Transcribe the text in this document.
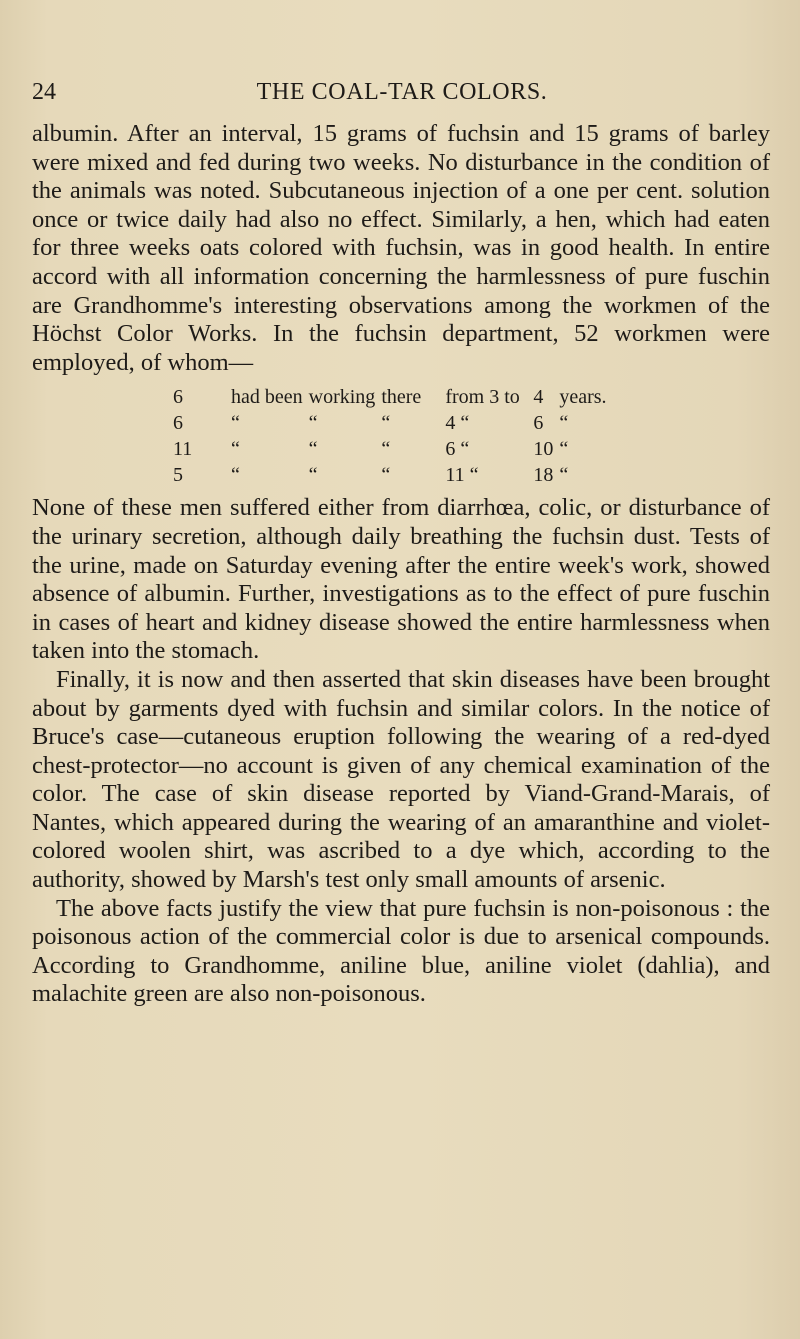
24	THE COAL-TAR COLORS.

albumin. After an interval, 15 grams of fuchsin and 15 grams of barley were mixed and fed during two weeks. No disturbance in the condition of the animals was noted. Subcutaneous injection of a one per cent. solution once or twice daily had also no effect. Similarly, a hen, which had eaten for three weeks oats colored with fuchsin, was in good health. In entire accord with all information concerning the harmlessness of pure fuschin are Grandhomme's interesting observations among the workmen of the Höchst Color Works. In the fuchsin department, 52 workmen were employed, of whom—

6	had been	working	there	from 3 to	4	years.
6	“	“	“	4 “	6	“
11	“	“	“	6 “	10	“
5	“	“	“	11 “	18	“

None of these men suffered either from diarrhœa, colic, or disturbance of the urinary secretion, although daily breathing the fuchsin dust. Tests of the urine, made on Saturday evening after the entire week's work, showed absence of albumin. Further, investigations as to the effect of pure fuschin in cases of heart and kidney disease showed the entire harmlessness when taken into the stomach.

Finally, it is now and then asserted that skin diseases have been brought about by garments dyed with fuchsin and similar colors. In the notice of Bruce's case—cutaneous eruption following the wearing of a red-dyed chest-protector—no account is given of any chemical examination of the color. The case of skin disease reported by Viand-Grand-Marais, of Nantes, which appeared during the wearing of an amaranthine and violet-colored woolen shirt, was ascribed to a dye which, according to the authority, showed by Marsh's test only small amounts of arsenic.

The above facts justify the view that pure fuchsin is non-poisonous : the poisonous action of the commercial color is due to arsenical compounds. According to Grandhomme, aniline blue, aniline violet (dahlia), and malachite green are also non-poisonous.
